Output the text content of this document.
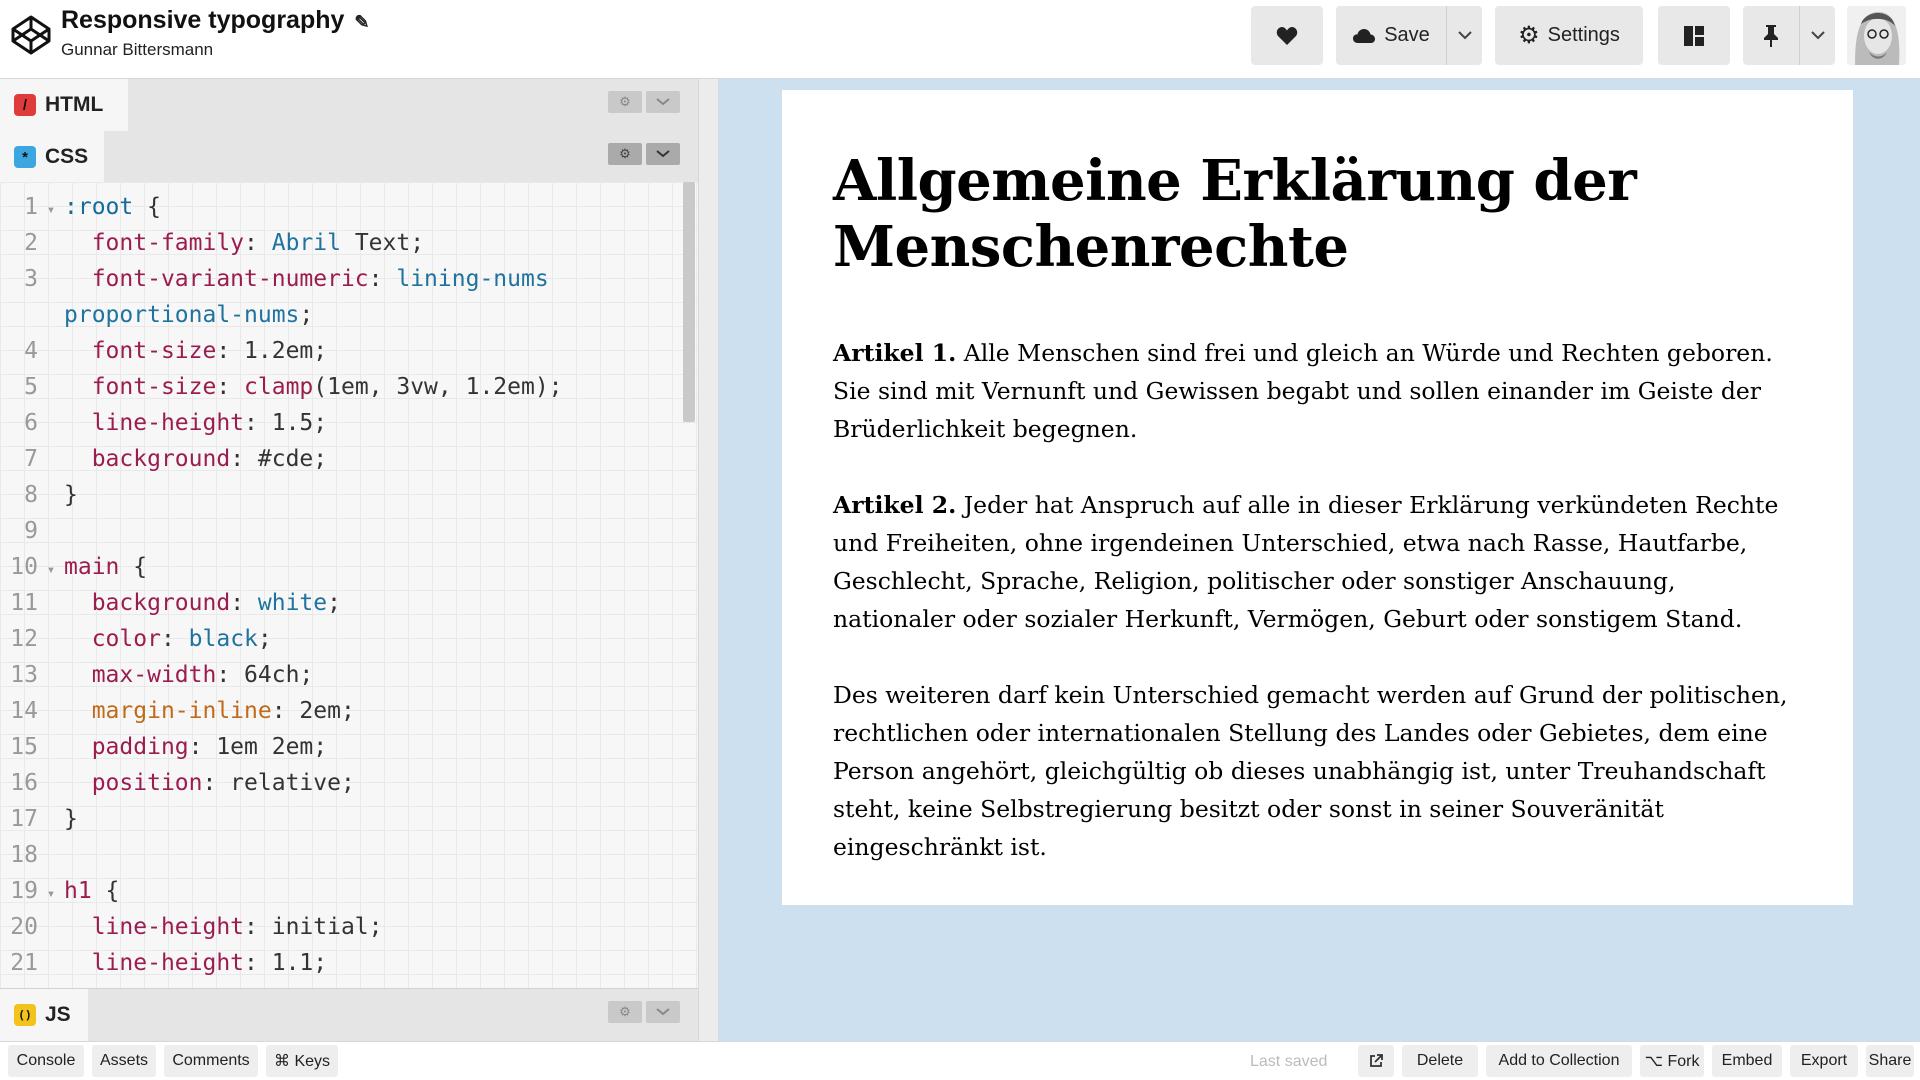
Responsive typography ✎
Gunnar Bittersmann
Save	⚙ Settings
/ HTML	⚙
* CSS	⚙
1 ▾ :root {
2 font-family: Abril Text;
3 font-variant-numeric: lining-nums
proportional-nums;
4 font-size: 1.2em;
5 font-size: clamp(1em, 3vw, 1.2em);
6 line-height: 1.5;
7 background: #cde;
8 }
9
10 ▾ main {
11 background: white;
12 color: black;
13 max-width: 64ch;
14 margin-inline: 2em;
15 padding: 1em 2em;
16 position: relative;
17 }
18
19 ▾ h1 {
20 line-height: initial;
21 line-height: 1.1;
( ) JS	⚙
Allgemeine Erklärung der Menschenrechte

Artikel 1. Alle Menschen sind frei und gleich an Würde und Rechten geboren. Sie sind mit Vernunft und Gewissen begabt und sollen einander im Geiste der Brüderlichkeit begegnen.

Artikel 2. Jeder hat Anspruch auf alle in dieser Erklärung verkündeten Rechte und Freiheiten, ohne irgendeinen Unterschied, etwa nach Rasse, Hautfarbe, Geschlecht, Sprache, Religion, politischer oder sonstiger Anschauung, nationaler oder sozialer Herkunft, Vermögen, Geburt oder sonstigem Stand.

Des weiteren darf kein Unterschied gemacht werden auf Grund der politischen, rechtlichen oder internationalen Stellung des Landes oder Gebietes, dem eine Person angehört, gleichgültig ob dieses unabhängig ist, unter Treuhandschaft steht, keine Selbstregierung besitzt oder sonst in seiner Souveränität eingeschränkt ist.

Console	Assets	Comments	⌘ Keys	Last saved	Delete	Add to Collection	⌥ Fork	Embed	Export	Share
